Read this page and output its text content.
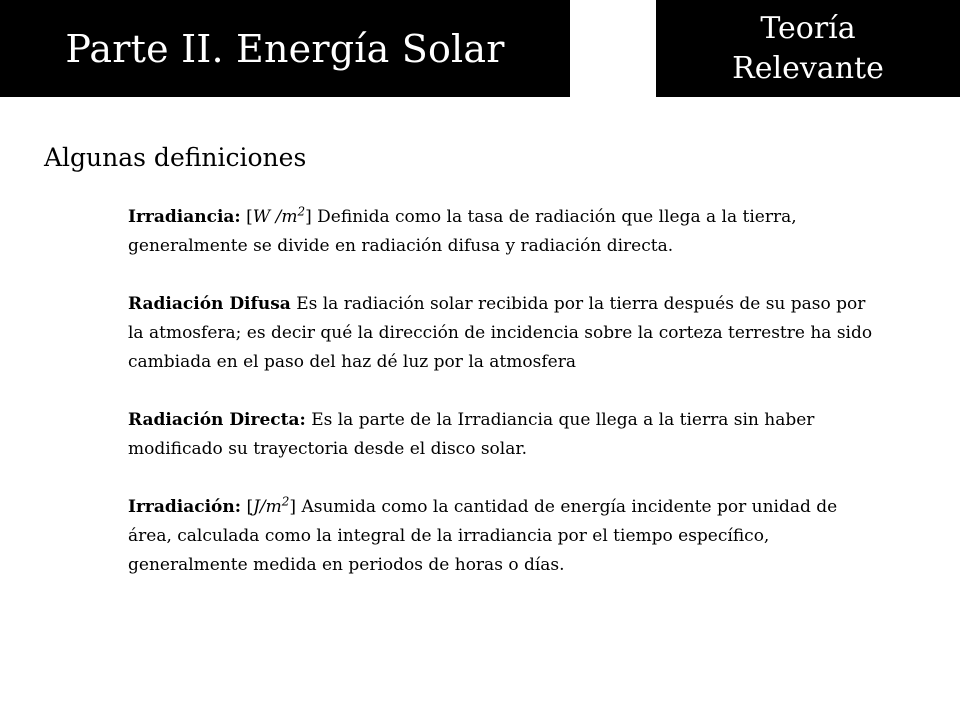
Parte II. Energía Solar	Teoría
Relevante
Algunas definiciones

Irradiancia: [W $/m^2$] Definida como la tasa de radiación que llega a la tierra, generalmente se divide en radiación difusa y radiación directa.

Radiación Difusa Es la radiación solar recibida por la tierra después de su paso por la atmosfera; es decir qué la dirección de incidencia sobre la corteza terrestre ha sido cambiada en el paso del haz dé luz por la atmosfera

Radiación Directa: Es la parte de la Irradiancia que llega a la tierra sin haber modificado su trayectoria desde el disco solar.

Irradiación: $[J/m^2]$ Asumida como la cantidad de energía incidente por unidad de área, calculada como la integral de la irradiancia por el tiempo específico, generalmente medida en periodos de horas o días.
